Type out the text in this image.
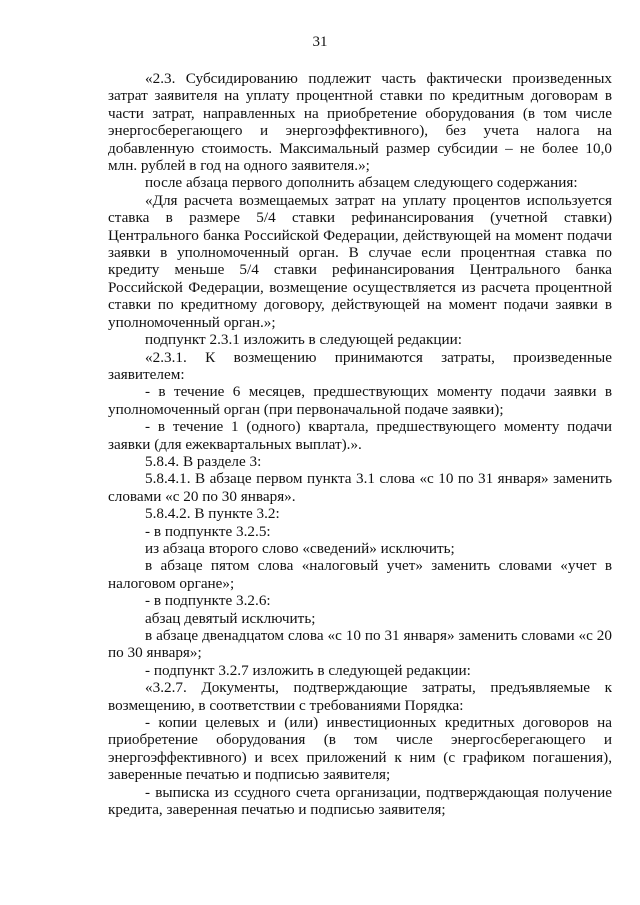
31

«2.3. Субсидированию подлежит часть фактически произведенных затрат заявителя на уплату процентной ставки по кредитным договорам в части затрат, направленных на приобретение оборудования (в том числе энергосберегающего и энергоэффективного), без учета налога на добавленную стоимость. Максимальный размер субсидии – не более 10,0 млн. рублей в год на одного заявителя.»;

после абзаца первого дополнить абзацем следующего содержания:

«Для расчета возмещаемых затрат на уплату процентов используется ставка в размере 5/4 ставки рефинансирования (учетной ставки) Центрального банка Российской Федерации, действующей на момент подачи заявки в уполномоченный орган. В случае если процентная ставка по кредиту меньше 5/4 ставки рефинансирования Центрального банка Российской Федерации, возмещение осуществляется из расчета процентной ставки по кредитному договору, действующей на момент подачи заявки в уполномоченный орган.»;

подпункт 2.3.1 изложить в следующей редакции:

«2.3.1. К возмещению принимаются затраты, произведенные заявителем:

- в течение 6 месяцев, предшествующих моменту подачи заявки в уполномоченный орган (при первоначальной подаче заявки);

- в течение 1 (одного) квартала, предшествующего моменту подачи заявки (для ежеквартальных выплат).».

5.8.4. В разделе 3:

5.8.4.1. В абзаце первом пункта 3.1 слова «с 10 по 31 января» заменить словами «с 20 по 30 января».

5.8.4.2. В пункте 3.2:

- в подпункте 3.2.5:

из абзаца второго слово «сведений» исключить;

в абзаце пятом слова «налоговый учет» заменить словами «учет в налоговом органе»;

- в подпункте 3.2.6:

абзац девятый исключить;

в абзаце двенадцатом слова «с 10 по 31 января» заменить словами «с 20 по 30 января»;

- подпункт 3.2.7 изложить в следующей редакции:

«3.2.7. Документы, подтверждающие затраты, предъявляемые к возмещению, в соответствии с требованиями Порядка:

- копии целевых и (или) инвестиционных кредитных договоров на приобретение оборудования (в том числе энергосберегающего и энергоэффективного) и всех приложений к ним (с графиком погашения), заверенные печатью и подписью заявителя;

- выписка из ссудного счета организации, подтверждающая получение кредита, заверенная печатью и подписью заявителя;
